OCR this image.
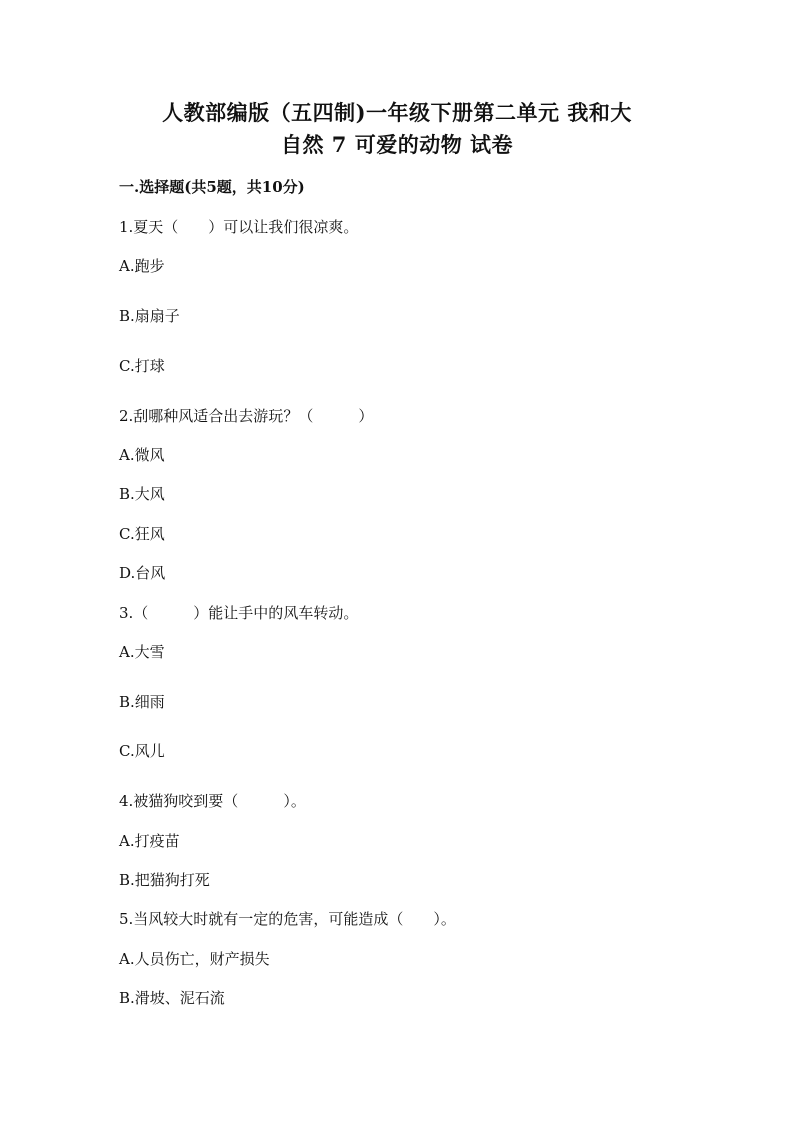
人教部编版（五四制)一年级下册第二单元 我和大
自然 7 可爱的动物 试卷
一.选择题(共5题，共10分)
1.夏天（　　）可以让我们很凉爽。
A.跑步
B.扇扇子
C.打球
2.刮哪种风适合出去游玩？（　　　）
A.微风
B.大风
C.狂风
D.台风
3.（　　　）能让手中的风车转动。
A.大雪
B.细雨
C.风儿
4.被猫狗咬到要（　　　）。
A.打疫苗
B.把猫狗打死
5.当风较大时就有一定的危害，可能造成（　　）。
A.人员伤亡，财产损失
B.滑坡、泥石流
